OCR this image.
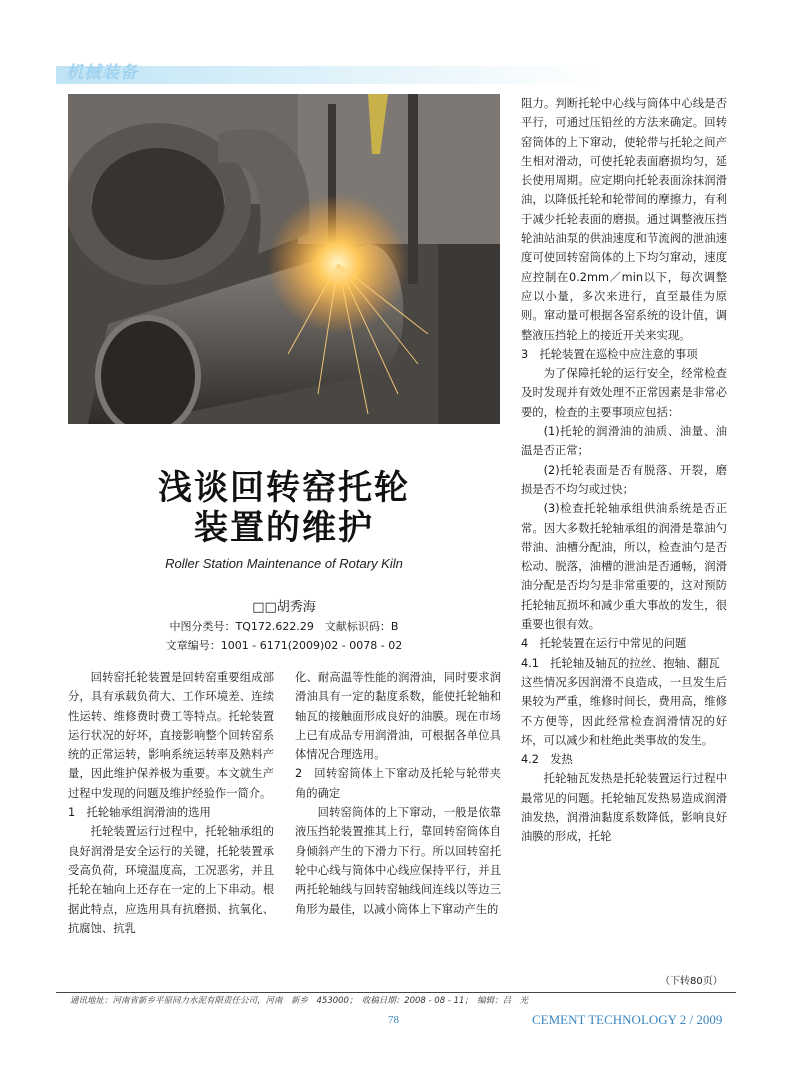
机械装备
浅谈回转窑托轮
装置的维护
Roller Station Maintenance of Rotary Kiln
□□胡秀海
中图分类号：TQ172.622.29　文献标识码：B
文章编号：1001 - 6171(2009)02 - 0078 - 02

回转窑托轮装置是回转窑重要组成部分，具有承载负荷大、工作环境差、连续性运转、维修费时费工等特点。托轮装置运行状况的好坏，直接影响整个回转窑系统的正常运转，影响系统运转率及熟料产量，因此维护保养极为重要。本文就生产过程中发现的问题及维护经验作一简介。

1　托轮轴承组润滑油的选用

托轮装置运行过程中，托轮轴承组的良好润滑是安全运行的关键，托轮装置承受高负荷，环境温度高，工况恶劣，并且托轮在轴向上还存在一定的上下串动。根据此特点，应选用具有抗磨损、抗氧化、抗腐蚀、抗乳

化、耐高温等性能的润滑油，同时要求润滑油具有一定的黏度系数，能使托轮轴和轴瓦的接触面形成良好的油膜。现在市场上已有成品专用润滑油，可根据各单位具体情况合理选用。

2　回转窑筒体上下窜动及托轮与轮带夹角的确定

回转窑筒体的上下窜动，一般是依靠液压挡轮装置推其上行，靠回转窑筒体自身倾斜产生的下滑力下行。所以回转窑托轮中心线与筒体中心线应保持平行，并且两托轮轴线与回转窑轴线间连线以等边三角形为最佳，以减小筒体上下窜动产生的

阻力。判断托轮中心线与筒体中心线是否平行，可通过压铅丝的方法来确定。回转窑筒体的上下窜动，使轮带与托轮之间产生相对滑动，可使托轮表面磨损均匀，延长使用周期。应定期向托轮表面涂抹润滑油，以降低托轮和轮带间的摩擦力，有利于减少托轮表面的磨损。通过调整液压挡轮油站油泵的供油速度和节流阀的泄油速度可使回转窑筒体的上下均匀窜动，速度应控制在0.2mm／min以下，每次调整应以小量，多次来进行，直至最佳为原则。窜动量可根据各窑系统的设计值，调整液压挡轮上的接近开关来实现。

3　托轮装置在巡检中应注意的事项

为了保障托轮的运行安全，经常检查及时发现并有效处理不正常因素是非常必要的，检查的主要事项应包括：

(1)托轮的润滑油的油质、油量、油温是否正常；

(2)托轮表面是否有脱落、开裂，磨损是否不均匀或过快；

(3)检查托轮轴承组供油系统是否正常。因大多数托轮轴承组的润滑是靠油勺带油、油槽分配油，所以，检查油勺是否松动、脱落，油槽的泄油是否通畅，润滑油分配是否均匀是非常重要的，这对预防托轮轴瓦损坏和减少重大事故的发生，很重要也很有效。

4　托轮装置在运行中常见的问题

4.1　托轮轴及轴瓦的拉丝、抱轴、翻瓦

这些情况多因润滑不良造成，一旦发生后果较为严重，维修时间长，费用高，维修不方便等，因此经常检查润滑情况的好坏，可以减少和杜绝此类事故的发生。

4.2　发热

托轮轴瓦发热是托轮装置运行过程中最常见的问题。托轮轴瓦发热易造成润滑油发热，润滑油黏度系数降低，影响良好油膜的形成，托轮

（下转80页）
通讯地址：河南省新乡平原同力水泥有限责任公司，河南　新乡　453000；　收稿日期：2008 - 08 - 11；　编辑：吕　光
78	CEMENT TECHNOLOGY 2 / 2009
